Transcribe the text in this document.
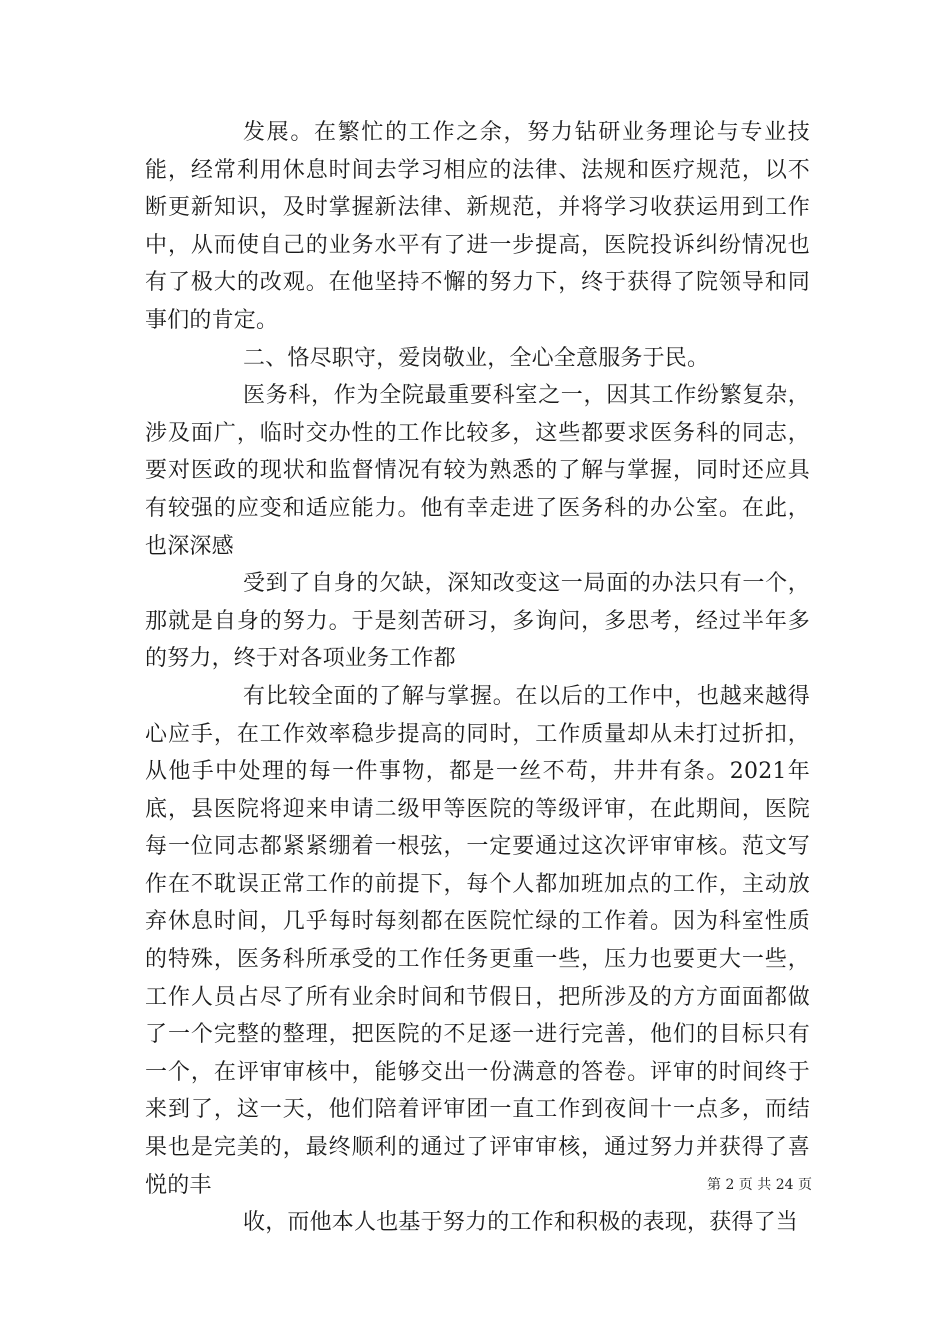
发展。在繁忙的工作之余，努力钻研业务理论与专业技能，经常利用休息时间去学习相应的法律、法规和医疗规范，以不断更新知识，及时掌握新法律、新规范，并将学习收获运用到工作中，从而使自己的业务水平有了进一步提高，医院投诉纠纷情况也有了极大的改观。在他坚持不懈的努力下，终于获得了院领导和同事们的肯定。

二、恪尽职守，爱岗敬业，全心全意服务于民。

医务科，作为全院最重要科室之一，因其工作纷繁复杂，涉及面广，临时交办性的工作比较多，这些都要求医务科的同志，要对医政的现状和监督情况有较为熟悉的了解与掌握，同时还应具有较强的应变和适应能力。他有幸走进了医务科的办公室。在此，也深深感

受到了自身的欠缺，深知改变这一局面的办法只有一个，那就是自身的努力。于是刻苦研习，多询问，多思考，经过半年多的努力，终于对各项业务工作都

有比较全面的了解与掌握。在以后的工作中，也越来越得心应手，在工作效率稳步提高的同时，工作质量却从未打过折扣，从他手中处理的每一件事物，都是一丝不苟，井井有条。2021年底，县医院将迎来申请二级甲等医院的等级评审，在此期间，医院每一位同志都紧紧绷着一根弦，一定要通过这次评审审核。范文写作在不耽误正常工作的前提下，每个人都加班加点的工作，主动放弃休息时间，几乎每时每刻都在医院忙绿的工作着。因为科室性质的特殊，医务科所承受的工作任务更重一些，压力也要更大一些，工作人员占尽了所有业余时间和节假日，把所涉及的方方面面都做了一个完整的整理，把医院的不足逐一进行完善，他们的目标只有一个，在评审审核中，能够交出一份满意的答卷。评审的时间终于来到了，这一天，他们陪着评审团一直工作到夜间十一点多，而结果也是完美的，最终顺利的通过了评审审核，通过努力并获得了喜悦的丰

收，而他本人也基于努力的工作和积极的表现，获得了当

第 2 页 共 24 页
